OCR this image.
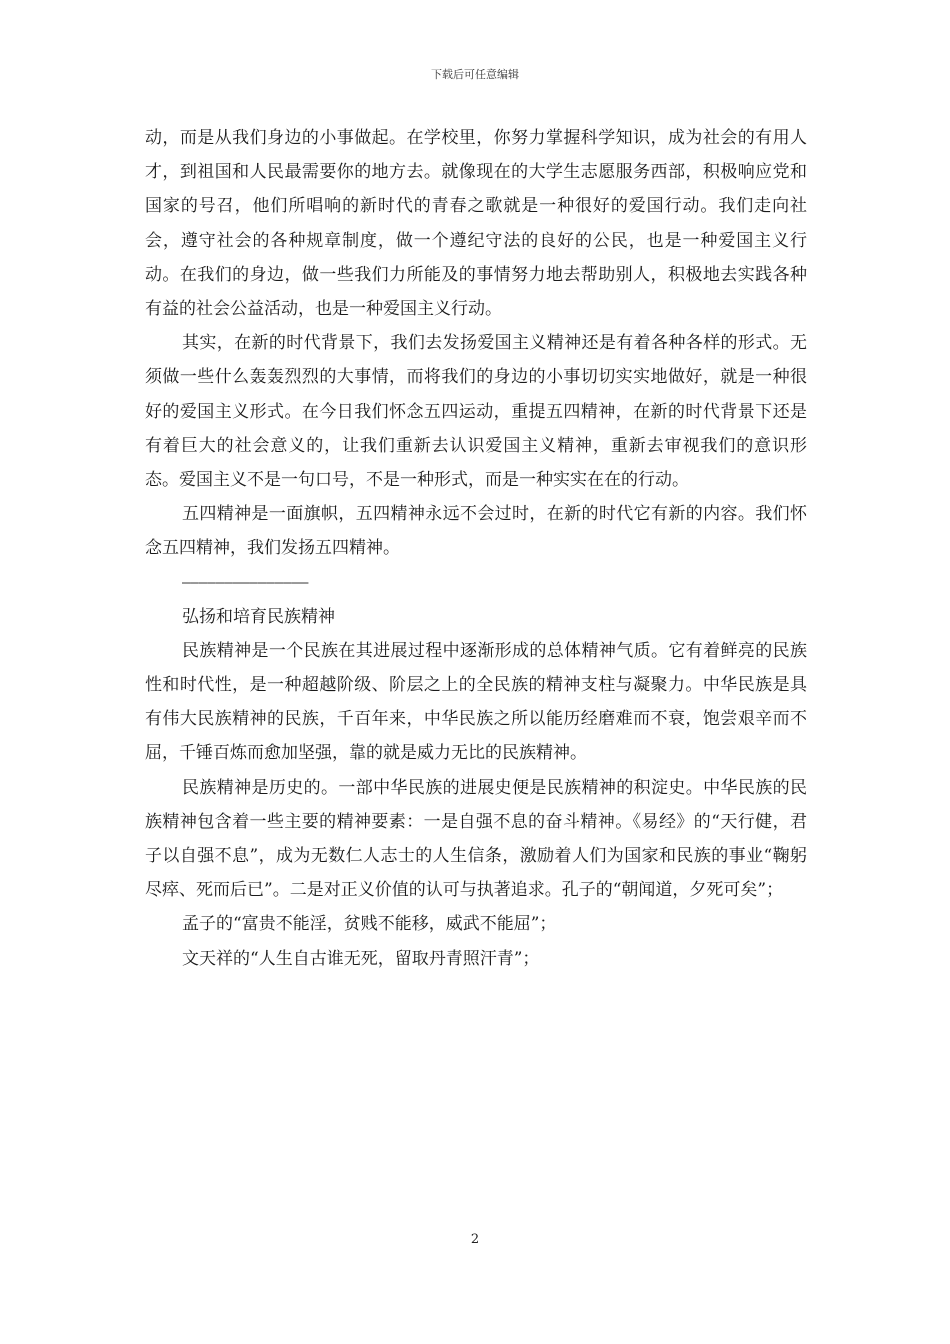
下载后可任意编辑

动，而是从我们身边的小事做起。在学校里，你努力掌握科学知识，成为社会的有用人才，到祖国和人民最需要你的地方去。就像现在的大学生志愿服务西部，积极响应党和国家的号召，他们所唱响的新时代的青春之歌就是一种很好的爱国行动。我们走向社会，遵守社会的各种规章制度，做一个遵纪守法的良好的公民，也是一种爱国主义行动。在我们的身边，做一些我们力所能及的事情努力地去帮助别人，积极地去实践各种有益的社会公益活动，也是一种爱国主义行动。

其实，在新的时代背景下，我们去发扬爱国主义精神还是有着各种各样的形式。无须做一些什么轰轰烈烈的大事情，而将我们的身边的小事切切实实地做好，就是一种很好的爱国主义形式。在今日我们怀念五四运动，重提五四精神，在新的时代背景下还是有着巨大的社会意义的，让我们重新去认识爱国主义精神，重新去审视我们的意识形态。爱国主义不是一句口号，不是一种形式，而是一种实实在在的行动。

五四精神是一面旗帜，五四精神永远不会过时，在新的时代它有新的内容。我们怀念五四精神，我们发扬五四精神。

———————————————

弘扬和培育民族精神

民族精神是一个民族在其进展过程中逐渐形成的总体精神气质。它有着鲜亮的民族性和时代性，是一种超越阶级、阶层之上的全民族的精神支柱与凝聚力。中华民族是具有伟大民族精神的民族，千百年来，中华民族之所以能历经磨难而不衰，饱尝艰辛而不屈，千锤百炼而愈加坚强，靠的就是威力无比的民族精神。

民族精神是历史的。一部中华民族的进展史便是民族精神的积淀史。中华民族的民族精神包含着一些主要的精神要素：一是自强不息的奋斗精神。《易经》的“天行健，君子以自强不息”，成为无数仁人志士的人生信条，激励着人们为国家和民族的事业“鞠躬尽瘁、死而后已”。二是对正义价值的认可与执著追求。孔子的“朝闻道，夕死可矣”；

孟子的“富贵不能淫，贫贱不能移，威武不能屈”；

文天祥的“人生自古谁无死，留取丹青照汗青”；

2
